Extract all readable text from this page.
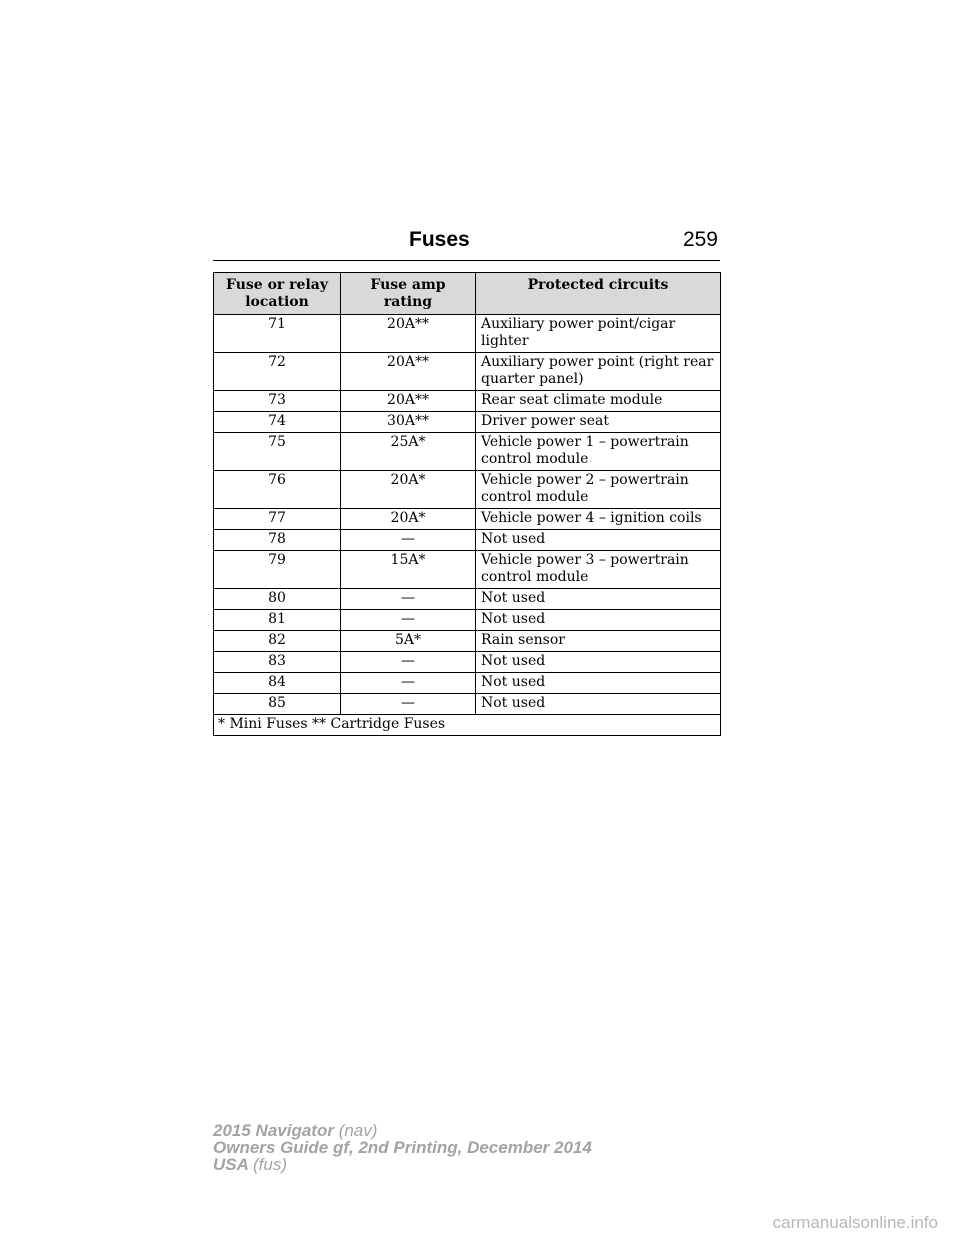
Fuses	259
Fuse or relay location	Fuse amp rating	Protected circuits
71	20A**	Auxiliary power point/cigar lighter
72	20A**	Auxiliary power point (right rear quarter panel)
73	20A**	Rear seat climate module
74	30A**	Driver power seat
75	25A*	Vehicle power 1 – powertrain control module
76	20A*	Vehicle power 2 – powertrain control module
77	20A*	Vehicle power 4 – ignition coils
78	—	Not used
79	15A*	Vehicle power 3 – powertrain control module
80	—	Not used
81	—	Not used
82	5A*	Rain sensor
83	—	Not used
84	—	Not used
85	—	Not used
* Mini Fuses ** Cartridge Fuses		
2015 Navigator (nav)
Owners Guide gf, 2nd Printing, December 2014
USA (fus)
carmanualsonline.info
